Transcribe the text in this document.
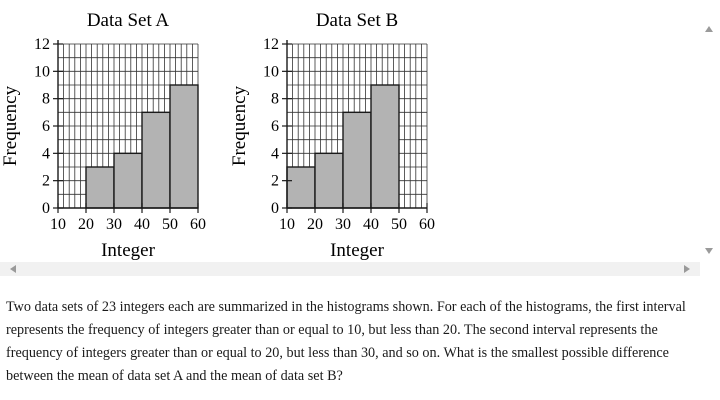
0
2
4
6
8
10
12
10 20 30 40 50 60
Data Set A
Integer
Frequency
0
2
4
6
8
10
12
10 20 30 40 50 60
Data Set B
Integer
Frequency

Two data sets of 23 integers each are summarized in the histograms shown. For each of the histograms, the first interval represents the frequency of integers greater than or equal to 10, but less than 20. The second interval represents the frequency of integers greater than or equal to 20, but less than 30, and so on. What is the smallest possible difference between the mean of data set A and the mean of data set B?
